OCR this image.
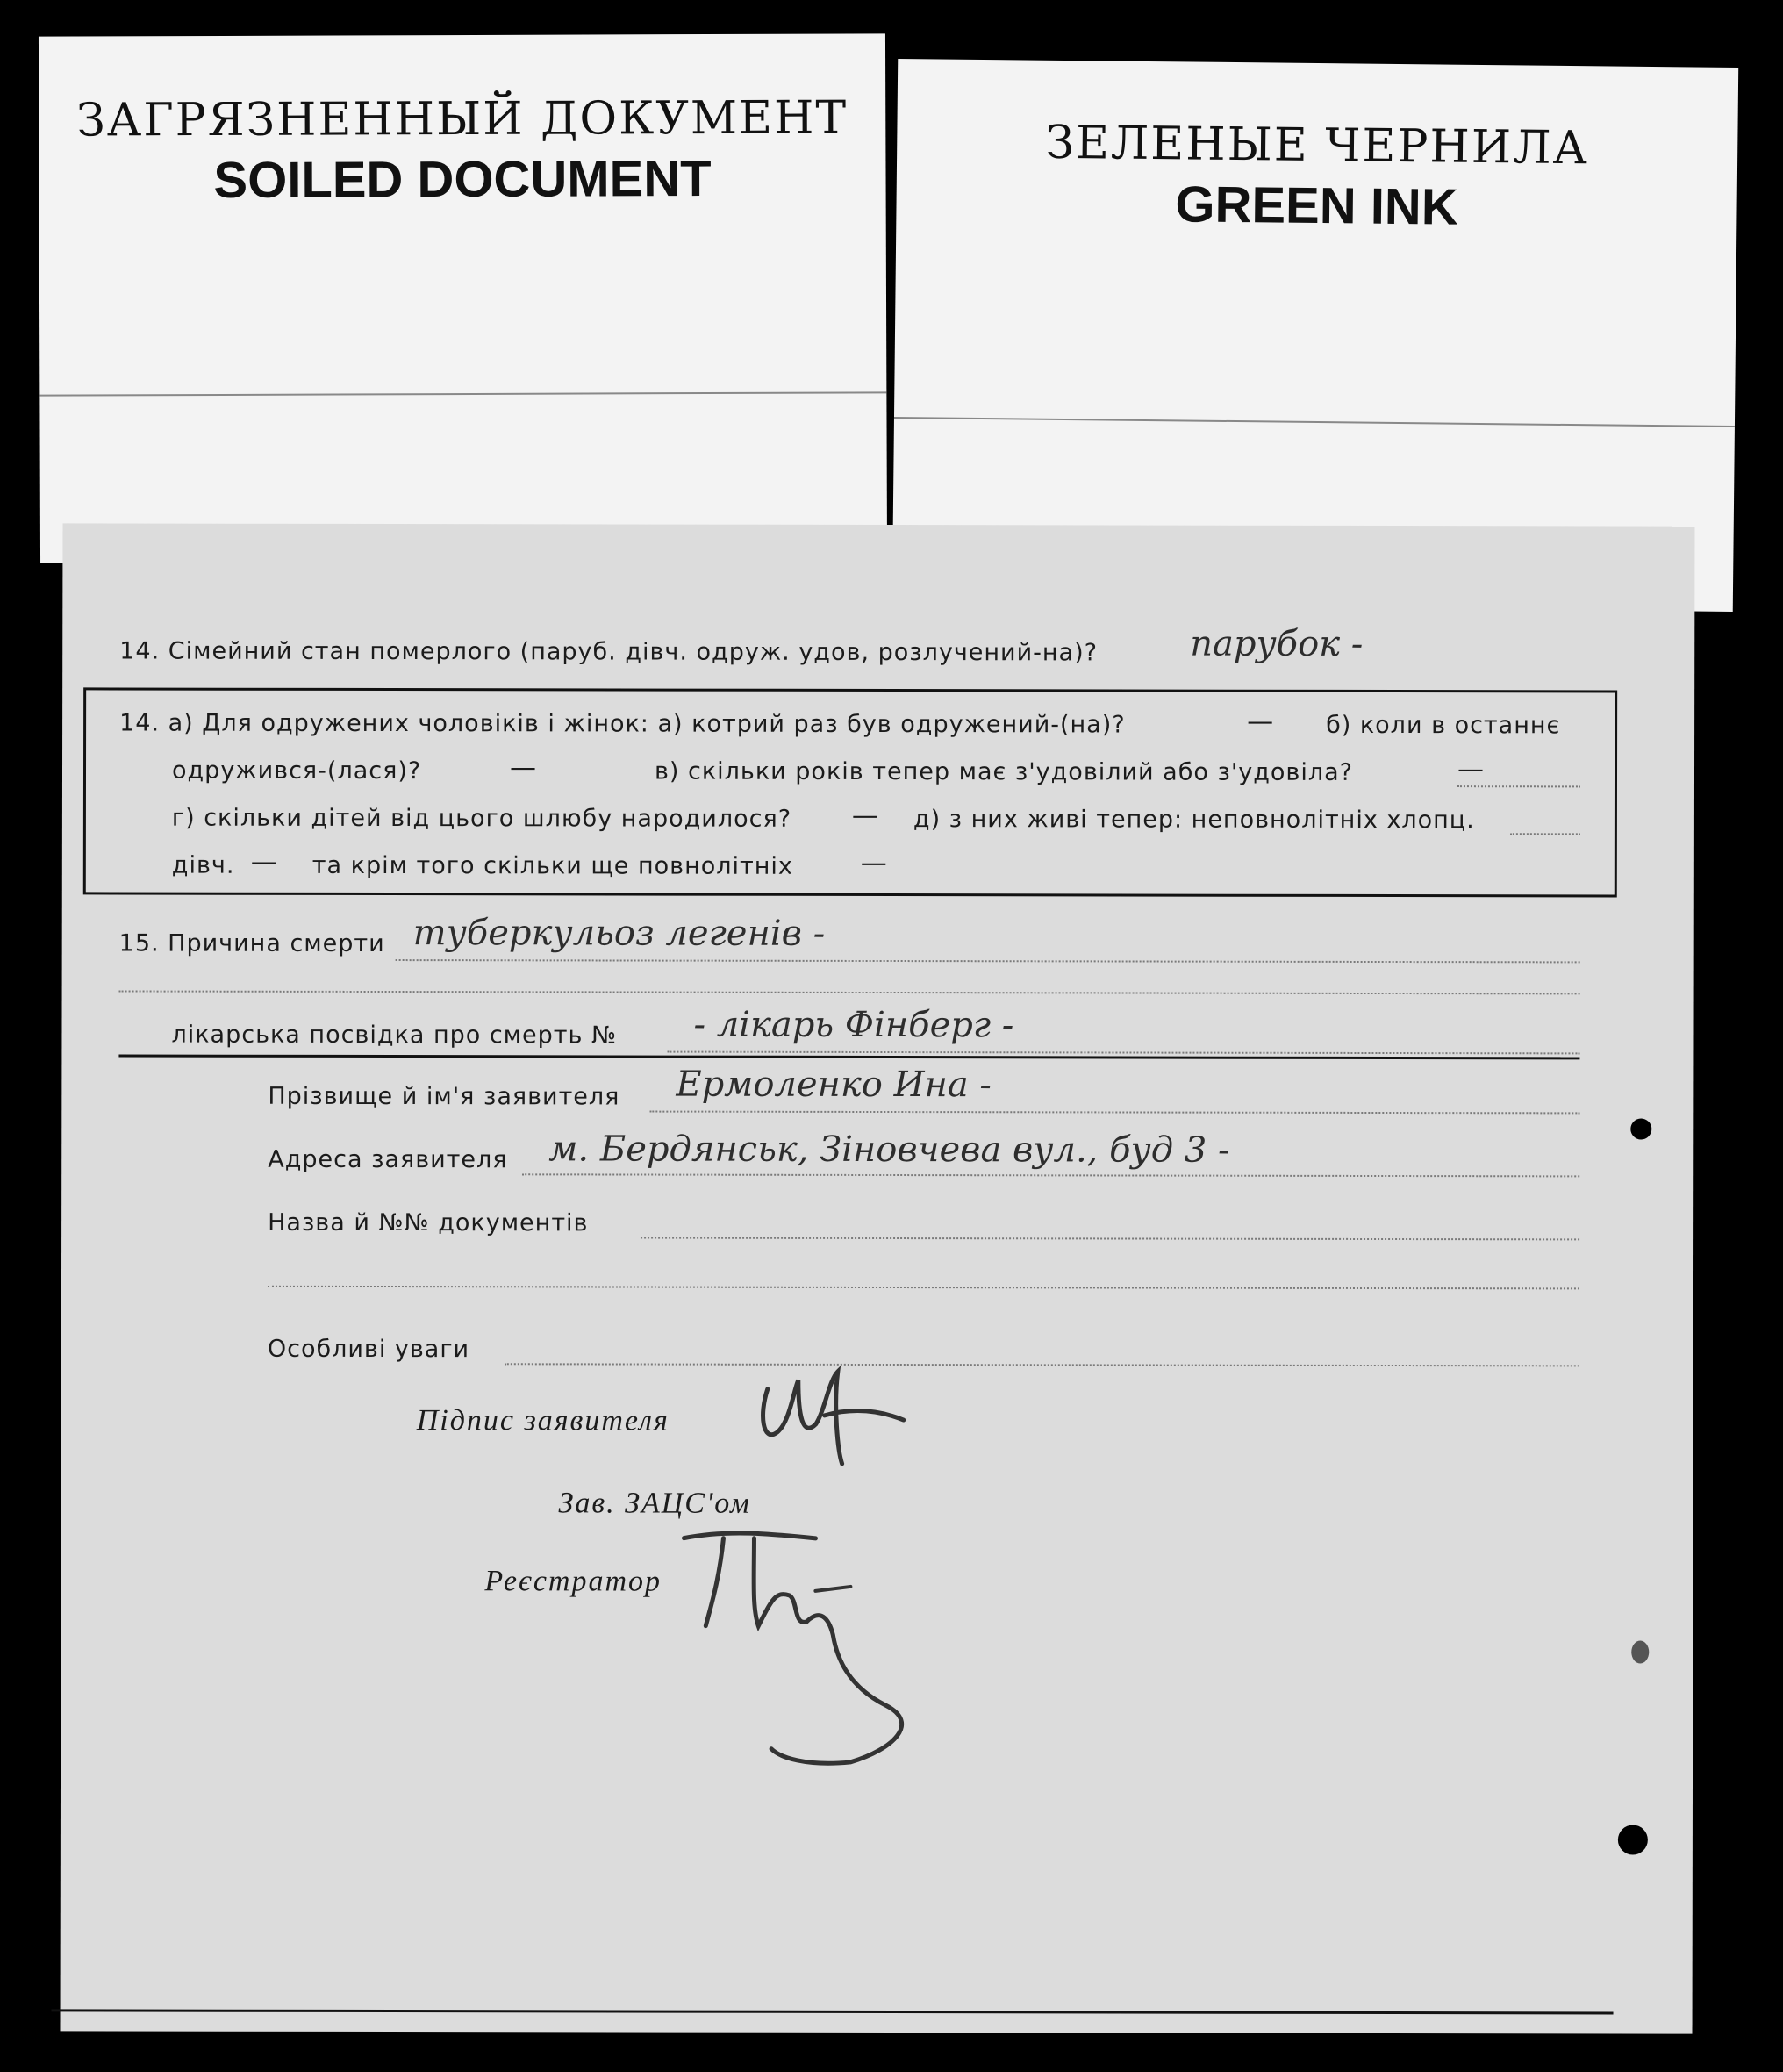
ЗАГРЯЗНЕННЫЙ ДОКУМЕНТ
SOILED DOCUMENT
ЗЕЛЕНЫЕ ЧЕРНИЛА
GREEN INK
14. Сімейний стан померлого (паруб. дівч. одруж. удов, розлучений-на)?	парубок -
14. а) Для одружених чоловіків і жінок: а) котрий раз був одружений-(на)?	— б) коли в останнє
одружився-(лася)?	—	в) скільки років тепер має з'удовілий або з'удовіла?	—
г) скільки дітей від цього шлюбу народилося? — д) з них живі тепер: неповнолітніх хлопц.
дівч. — та крім того скільки ще повнолітніх	—
15. Причина смерти туберкульоз легенів -
лікарська посвідка про смерть № - лікарь Фінберг -
Прізвище й ім'я заявителя Ермоленко Ина -
Адреса заявителя м. Бердянськ, Зіновчева вул., буд 3 -
Назва й №№ документів
Особливі уваги
Підпис заявителя
Зав. ЗАЦС'ом
Реєстратор
